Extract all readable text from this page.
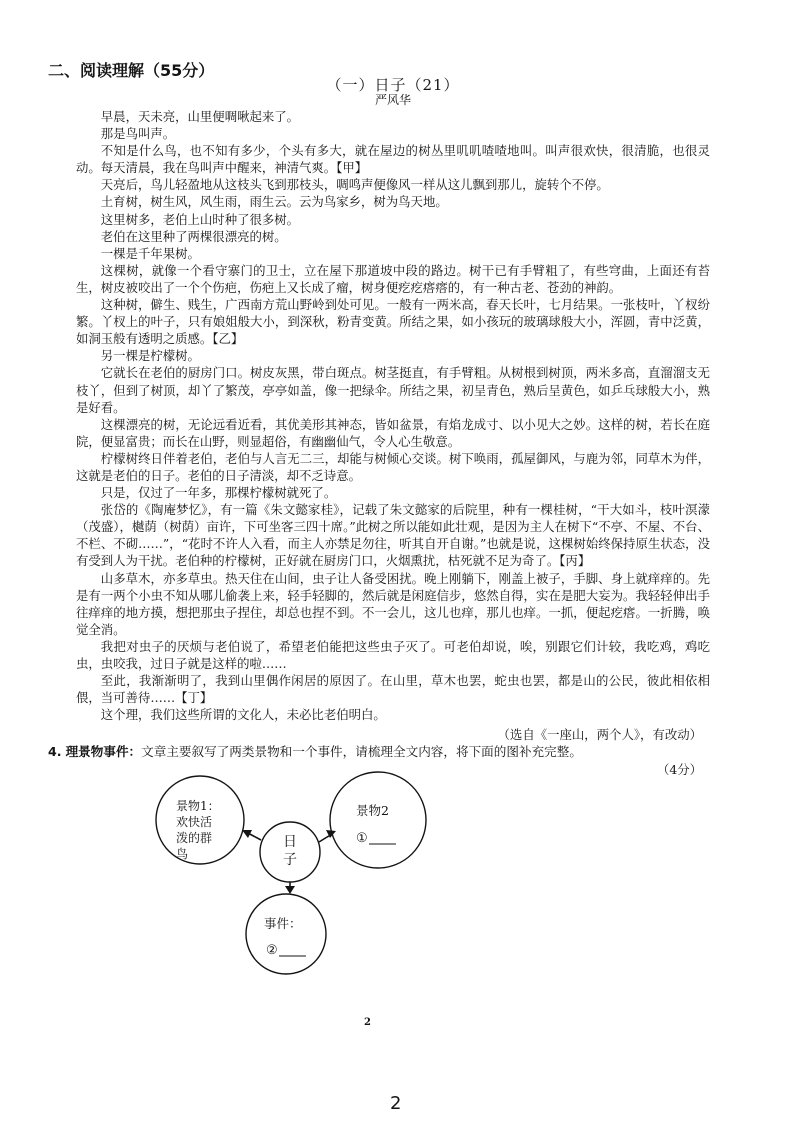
二、阅读理解（55分）
（一）日子（21）
严风华

早晨，天未亮，山里便啁啾起来了。

那是鸟叫声。

不知是什么鸟，也不知有多少，个头有多大，就在屋边的树丛里叽叽喳喳地叫。叫声很欢快，很清脆，也很灵动。每天清晨，我在鸟叫声中醒来，神清气爽。【甲】

天亮后，鸟儿轻盈地从这枝头飞到那枝头，啁鸣声便像风一样从这儿飘到那儿，旋转个不停。

土育树，树生风，风生雨，雨生云。云为鸟家乡，树为鸟天地。

这里树多，老伯上山时种了很多树。

老伯在这里种了两棵很漂亮的树。

一棵是千年果树。

这棵树，就像一个看守寨门的卫士，立在屋下那道坡中段的路边。树干已有手臂粗了，有些穹曲，上面还有苔生，树皮被咬出了一个个伤疤，伤疤上又长成了瘤，树身便疙疙瘩瘩的，有一种古老、苍劲的神韵。

这种树，僻生、贱生，广西南方荒山野岭到处可见。一般有一两米高，春天长叶，七月结果。一张枝叶，丫杈纷繁。丫杈上的叶子，只有娘姐般大小，到深秋，粉青变黄。所结之果，如小孩玩的玻璃球般大小，浑圆，青中泛黄，如洞玉般有透明之质感。【乙】

另一棵是柠檬树。

它就长在老伯的厨房门口。树皮灰黑，带白斑点。树茎挺直，有手臂粗。从树根到树顶，两米多高，直溜溜支无枝丫，但到了树顶，却丫了繁茂，亭亭如盖，像一把绿伞。所结之果，初呈青色，熟后呈黄色，如乒乓球般大小，熟是好看。

这棵漂亮的树，无论远看近看，其优美形其神态，皆如盆景，有焰龙成寸、以小见大之妙。这样的树，若长在庭院，便显富贵；而长在山野，则显超俗，有幽幽仙气，令人心生敬意。

柠檬树终日伴着老伯，老伯与人言无二三，却能与树倾心交谈。树下唤雨，孤屋御风，与鹿为邻，同草木为伴，这就是老伯的日子。老伯的日子清淡，却不乏诗意。

只是，仅过了一年多，那棵柠檬树就死了。

张岱的《陶庵梦忆》，有一篇《朱文懿家桂》，记载了朱文懿家的后院里，种有一棵桂树，“干大如斗，枝叶溟濛（茂盛），樾荫（树荫）亩许，下可坐客三四十席。”此树之所以能如此壮观，是因为主人在树下“不亭、不屋、不台、不栏、不砌……”，“花时不许人入看，而主人亦禁足勿往，听其自开自谢。”也就是说，这棵树始终保持原生状态，没有受到人为干扰。老伯种的柠檬树，正好就在厨房门口，火烟熏扰，枯死就不足为奇了。【丙】

山多草木，亦多草虫。热天住在山间，虫子让人备受困扰。晚上刚躺下，刚盖上被子，手脚、身上就痒痒的。先是有一两个小虫不知从哪儿偷袭上来，轻手轻脚的，然后就是闲庭信步，悠然自得，实在是肥大妄为。我轻轻伸出手往痒痒的地方摸，想把那虫子捏住，却总也捏不到。不一会儿，这儿也痒，那儿也痒。一抓，便起疙瘩。一折腾，唤觉全消。

我把对虫子的厌烦与老伯说了，希望老伯能把这些虫子灭了。可老伯却说，唉，别跟它们计较，我吃鸡，鸡吃虫，虫咬我，过日子就是这样的啦……

至此，我渐渐明了，我到山里偶作闲居的原因了。在山里，草木也罢，蛇虫也罢，都是山的公民，彼此相依相偎，当可善待……【丁】

这个理，我们这些所谓的文化人，未必比老伯明白。

（选自《一座山，两个人》，有改动）
4. 理景物事件：文章主要叙写了两类景物和一个事件，请梳理全文内容，将下面的图补充完整。
（4分）
景物1：
欢快活
泼的群
鸟
景物2
①
日
子
事件：
②
2
2
